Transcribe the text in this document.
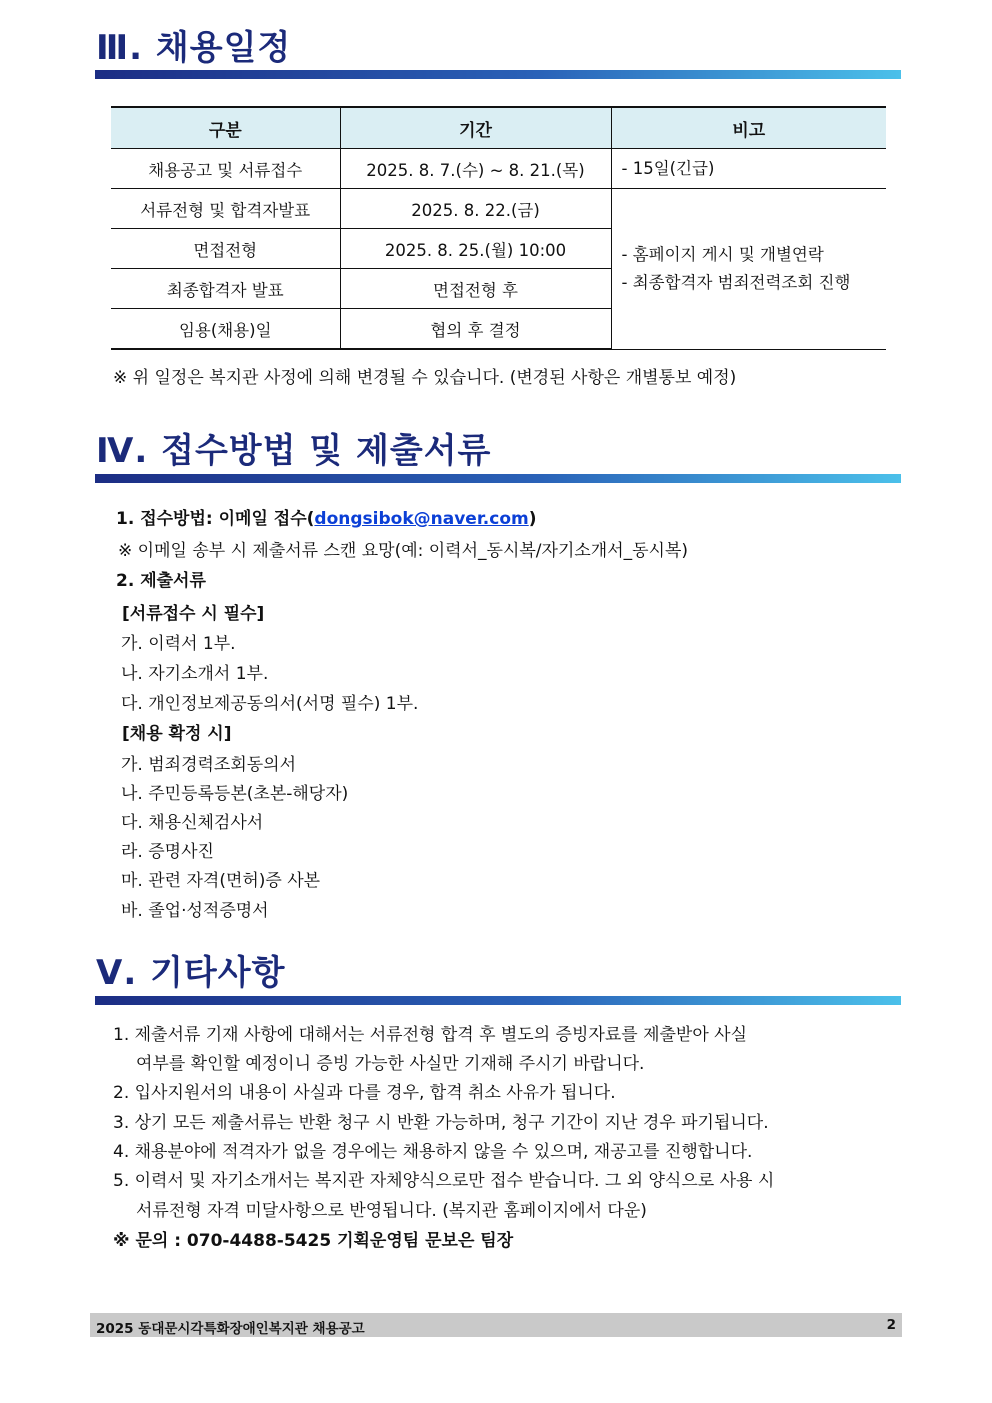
Ⅲ. 채용일정
구분	기간	비고
채용공고 및 서류접수	2025. 8. 7.(수) ~ 8. 21.(목)	- 15일(긴급)
서류전형 및 합격자발표	2025. 8. 22.(금)	- 홈페이지 게시 및 개별연락
- 최종합격자 범죄전력조회 진행

면접전형	2025. 8. 25.(월) 10:00	
최종합격자 발표	면접전형 후	
임용(채용)일	협의 후 결정	

※ 위 일정은 복지관 사정에 의해 변경될 수 있습니다. (변경된 사항은 개별통보 예정)

Ⅳ. 접수방법 및 제출서류

1. 접수방법: 이메일 접수(dongsibok@naver.com)

※ 이메일 송부 시 제출서류 스캔 요망(예: 이력서_동시복/자기소개서_동시복)

2. 제출서류

[서류접수 시 필수]

가. 이력서 1부.

나. 자기소개서 1부.

다. 개인정보제공동의서(서명 필수) 1부.

[채용 확정 시]

가. 범죄경력조회동의서

나. 주민등록등본(초본-해당자)

다. 채용신체검사서

라. 증명사진

마. 관련 자격(면허)증 사본

바. 졸업·성적증명서

Ⅴ. 기타사항

1. 제출서류 기재 사항에 대해서는 서류전형 합격 후 별도의 증빙자료를 제출받아 사실

여부를 확인할 예정이니 증빙 가능한 사실만 기재해 주시기 바랍니다.

2. 입사지원서의 내용이 사실과 다를 경우, 합격 취소 사유가 됩니다.

3. 상기 모든 제출서류는 반환 청구 시 반환 가능하며, 청구 기간이 지난 경우 파기됩니다.

4. 채용분야에 적격자가 없을 경우에는 채용하지 않을 수 있으며, 재공고를 진행합니다.

5. 이력서 및 자기소개서는 복지관 자체양식으로만 접수 받습니다. 그 외 양식으로 사용 시

서류전형 자격 미달사항으로 반영됩니다. (복지관 홈페이지에서 다운)

※ 문의 : 070-4488-5425 기획운영팀 문보은 팀장

2025 동대문시각특화장애인복지관 채용공고	2
